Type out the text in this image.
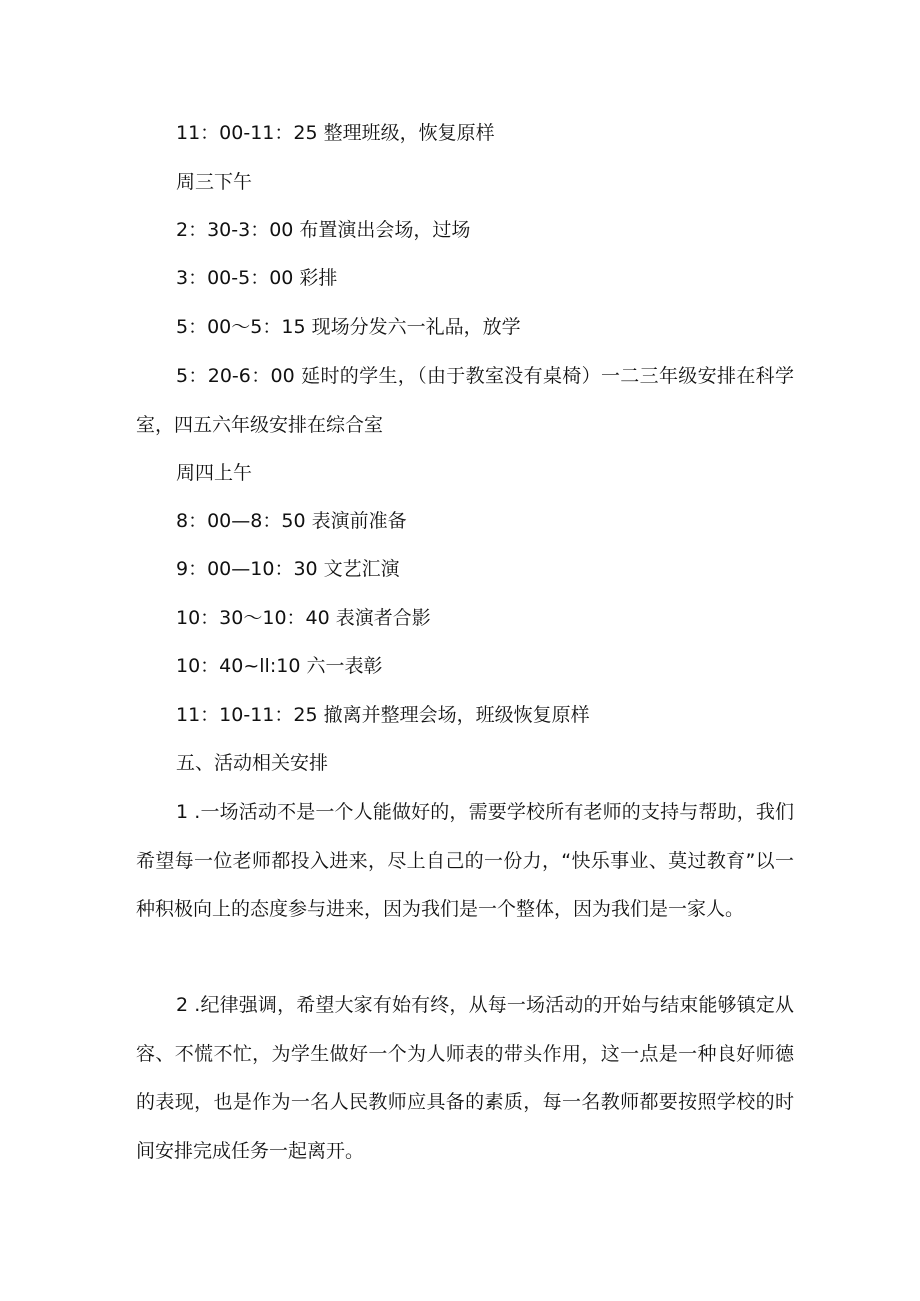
11：00-11：25 整理班级，恢复原样
周三下午
2：30-3：00 布置演出会场，过场
3：00-5：00 彩排
5：00～5：15 现场分发六一礼品，放学
5：20-6：00 延时的学生，（由于教室没有桌椅）一二三年级安排在科学室，四五六年级安排在综合室
周四上午
8：00—8：50 表演前准备
9：00—10：30 文艺汇演
10：30～10：40 表演者合影
10：40~ll:10 六一表彰
11：10-11：25 撤离并整理会场，班级恢复原样
五、活动相关安排
1 .一场活动不是一个人能做好的，需要学校所有老师的支持与帮助，我们希望每一位老师都投入进来，尽上自己的一份力，“快乐事业、莫过教育”以一种积极向上的态度参与进来，因为我们是一个整体，因为我们是一家人。
2 .纪律强调，希望大家有始有终，从每一场活动的开始与结束能够镇定从容、不慌不忙，为学生做好一个为人师表的带头作用，这一点是一种良好师德的表现，也是作为一名人民教师应具备的素质，每一名教师都要按照学校的时间安排完成任务一起离开。
